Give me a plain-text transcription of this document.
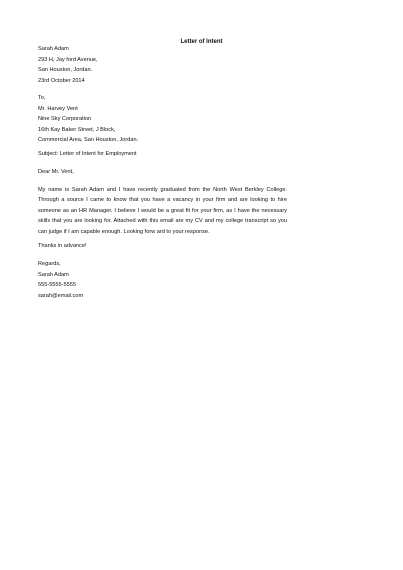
Letter of Intent
Sarah Adam
293 H, Jay ford Avenue,
San Houston, Jordan.
23rd October 2014
To,
Mr. Harvey Vent
Nine Sky Corporation
16th Kay Baker Street, J Block,
Commercial Area, San Houston, Jordan.
Subject: Letter of Intent for Employment
Dear Mr. Vent,
My name is Sarah Adam and I have recently graduated from the North West Berkley College. Through a source I came to know that you have a vacancy in your firm and are looking to hire someone as an HR Manager. I believe I would be a great fit for your firm, as I have the necessary skills that you are looking for. Attached with this email are my CV and my college transcript so you can judge if I am capable enough. Looking forw ard to your response.
Thanks in advance!
Regards,
Sarah Adam
555-5555-5555
sarah@email.com
